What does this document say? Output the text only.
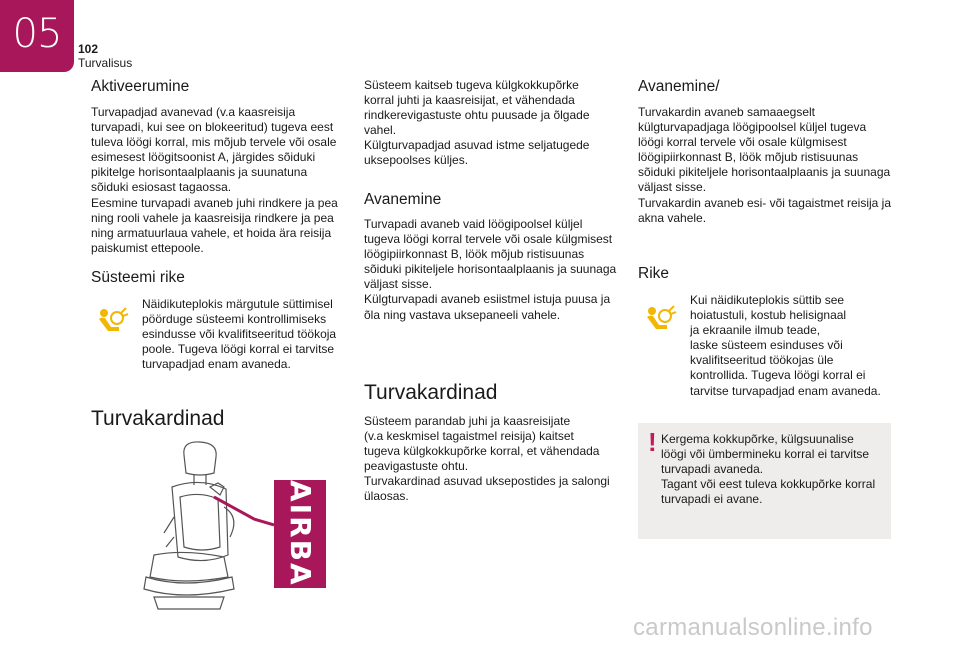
05	102
Turvalisus
Aktiveerumine

Turvapadjad avanevad (v.a kaasreisija
turvapadi, kui see on blokeeritud) tugeva eest
tuleva löögi korral, mis mõjub tervele või osale
esimesest löögitsoonist A, järgides sõiduki
pikitelge horisontaalplaanis ja suunatuna
sõiduki esiosast tagaossa.
Eesmine turvapadi avaneb juhi rindkere ja pea
ning rooli vahele ja kaasreisija rindkere ja pea
ning armatuurlaua vahele, et hoida ära reisija
paiskumist ettepoole.

Süsteemi rike

Näidikuteplokis märgutule süttimisel
pöörduge süsteemi kontrollimiseks
esindusse või kvalifitseeritud töökoja
poole. Tugeva löögi korral ei tarvitse
turvapadjad enam avaneda.

Turvakardinad
AIRBAG

Süsteem kaitseb tugeva külgkokkupõrke
korral juhti ja kaasreisijat, et vähendada
rindkerevigastuste ohtu puusade ja õlgade
vahel.
Külgturvapadjad asuvad istme seljatugede
uksepoolses küljes.

Avanemine

Turvapadi avaneb vaid löögipoolsel küljel
tugeva löögi korral tervele või osale külgmisest
löögipiirkonnast B, löök mõjub ristisuunas
sõiduki pikiteljele horisontaalplaanis ja suunaga
väljast sisse.
Külgturvapadi avaneb esiistmel istuja puusa ja
õla ning vastava uksepaneeli vahele.

Turvakardinad

Süsteem parandab juhi ja kaasreisijate
(v.a keskmisel tagaistmel reisija) kaitset
tugeva külgkokkupõrke korral, et vähendada
peavigastuste ohtu.
Turvakardinad asuvad uksepostides ja salongi
ülaosas.

Avanemine/

Turvakardin avaneb samaaegselt
külgturvapadjaga löögipoolsel küljel tugeva
löögi korral tervele või osale külgmisest
löögipiirkonnast B, löök mõjub ristisuunas
sõiduki pikiteljele horisontaalplaanis ja suunaga
väljast sisse.
Turvakardin avaneb esi- või tagaistmet reisija ja
akna vahele.

Rike

Kui näidikuteplokis süttib see
hoiatustuli, kostub helisignaal
ja ekraanile ilmub teade,
laske süsteem esinduses või
kvalifitseeritud töökojas üle
kontrollida. Tugeva löögi korral ei
tarvitse turvapadjad enam avaneda.

! Kergema kokkupõrke, külgsuunalise
löögi või ümbermineku korral ei tarvitse
turvapadi avaneda.
Tagant või eest tuleva kokkupõrke korral
turvapadi ei avane.

carmanualsonline.info
